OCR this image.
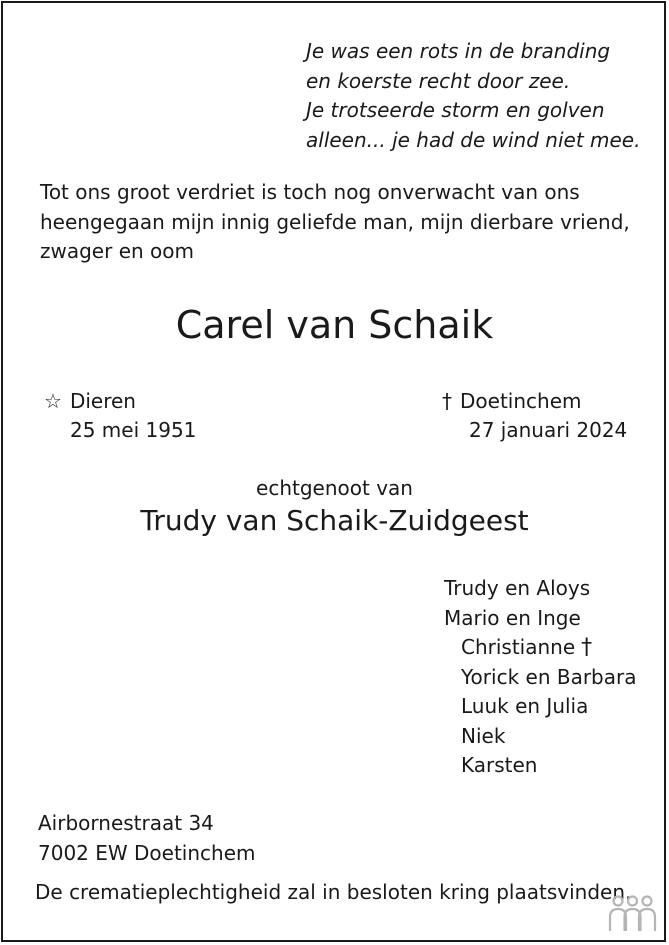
Je was een rots in de branding
en koerste recht door zee.
Je trotseerde storm en golven
alleen... je had de wind niet mee.
Tot ons groot verdriet is toch nog onverwacht van ons
heengegaan mijn innig geliefde man, mijn dierbare vriend,
zwager en oom
Carel van Schaik
☆ Dieren
25 mei 1951
† Doetinchem
27 januari 2024
echtgenoot van
Trudy van Schaik-Zuidgeest
Trudy en Aloys
Mario en Inge
Christianne †
Yorick en Barbara
Luuk en Julia
Niek
Karsten
Airbornestraat 34
7002 EW Doetinchem
De crematieplechtigheid zal in besloten kring plaatsvinden.
